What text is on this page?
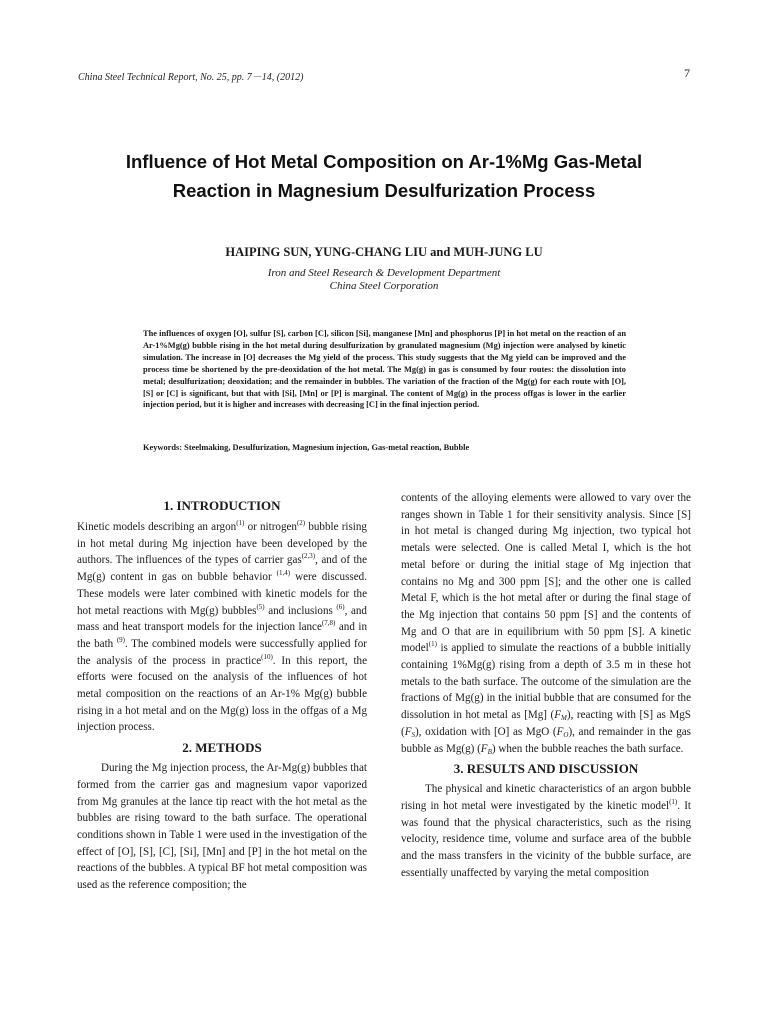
China Steel Technical Report, No. 25, pp. 7－14, (2012)	7
Influence of Hot Metal Composition on Ar-1%Mg Gas-Metal
Reaction in Magnesium Desulfurization Process
HAIPING SUN, YUNG-CHANG LIU and MUH-JUNG LU
Iron and Steel Research & Development Department
China Steel Corporation
The influences of oxygen [O], sulfur [S], carbon [C], silicon [Si], manganese [Mn] and phosphorus [P] in hot metal on the reaction of an Ar-1%Mg(g) bubble rising in the hot metal during desulfurization by granulated magnesium (Mg) injection were analysed by kinetic simulation. The increase in [O] decreases the Mg yield of the process. This study suggests that the Mg yield can be improved and the process time be shortened by the pre-deoxidation of the hot metal. The Mg(g) in gas is consumed by four routes: the dissolution into metal; desulfurization; deoxidation; and the remainder in bubbles. The variation of the fraction of the Mg(g) for each route with [O], [S] or [C] is significant, but that with [Si], [Mn] or [P] is marginal. The content of Mg(g) in the process offgas is lower in the earlier injection period, but it is higher and increases with decreasing [C] in the final injection period.
Keywords: Steelmaking, Desulfurization, Magnesium injection, Gas-metal reaction, Bubble
1. INTRODUCTION

Kinetic models describing an argon$^{(1)}$ or nitrogen$^{(2)}$ bubble rising in hot metal during Mg injection have been developed by the authors. The influences of the types of carrier gas$^{(2,3)}$, and of the Mg(g) content in gas on bubble behavior $^{(1,4)}$ were discussed. These models were later combined with kinetic models for the hot metal reactions with Mg(g) bubbles$^{(5)}$ and inclusions $^{(6)}$, and mass and heat transport models for the injection lance$^{(7,8)}$ and in the bath $^{(9)}$. The combined models were successfully applied for the analysis of the process in practice$^{(10)}$. In this report, the efforts were focused on the analysis of the influences of hot metal composition on the reactions of an Ar-1% Mg(g) bubble rising in a hot metal and on the Mg(g) loss in the offgas of a Mg injection process.

2. METHODS

During the Mg injection process, the Ar-Mg(g) bubbles that formed from the carrier gas and magnesium vapor vaporized from Mg granules at the lance tip react with the hot metal as the bubbles are rising toward to the bath surface. The operational conditions shown in Table 1 were used in the investigation of the effect of [O], [S], [C], [Si], [Mn] and [P] in the hot metal on the reactions of the bubbles. A typical BF hot metal composition was used as the reference composition; the

contents of the alloying elements were allowed to vary over the ranges shown in Table 1 for their sensitivity analysis. Since [S] in hot metal is changed during Mg injection, two typical hot metals were selected. One is called Metal I, which is the hot metal before or during the initial stage of Mg injection that contains no Mg and 300 ppm [S]; and the other one is called Metal F, which is the hot metal after or during the final stage of the Mg injection that contains 50 ppm [S] and the contents of Mg and O that are in equilibrium with 50 ppm [S]. A kinetic model$^{(1)}$ is applied to simulate the reactions of a bubble initially containing 1%Mg(g) rising from a depth of 3.5 m in these hot metals to the bath surface. The outcome of the simulation are the fractions of Mg(g) in the initial bubble that are consumed for the dissolution in hot metal as [Mg] $(F_M)$, reacting with [S] as MgS $(F_S)$, oxidation with [O] as MgO $(F_O)$, and remainder in the gas bubble as Mg(g) $(F_B)$ when the bubble reaches the bath surface.

3. RESULTS AND DISCUSSION

The physical and kinetic characteristics of an argon bubble rising in hot metal were investigated by the kinetic model$^{(1)}$. It was found that the physical characteristics, such as the rising velocity, residence time, volume and surface area of the bubble and the mass transfers in the vicinity of the bubble surface, are essentially unaffected by varying the metal composition
